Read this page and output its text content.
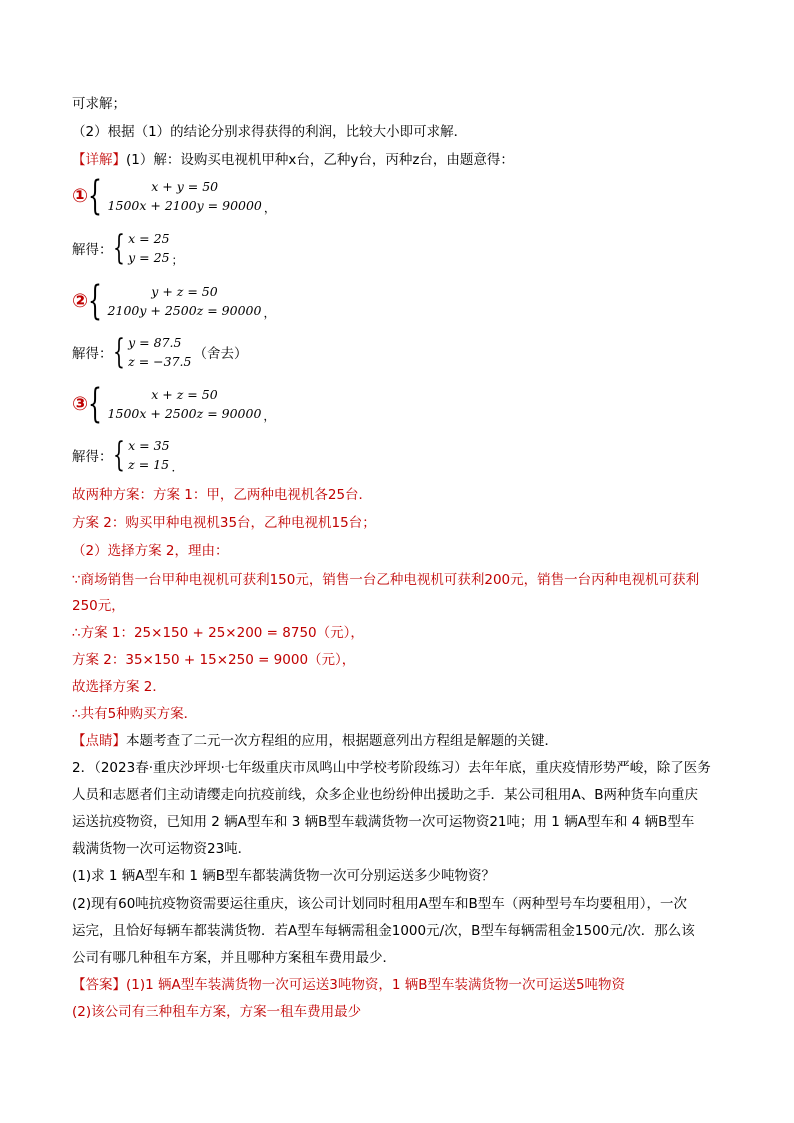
可求解；
（2）根据（1）的结论分别求得获得的利润，比较大小即可求解．
【详解】(1）解：设购买电视机甲种x台，乙种y台，丙种z台，由题意得：
① {	x + y = 50
1500x + 2100y = 90000 ，
解得： { x = 25
y = 25 ；
② {	y + z = 50
2100y + 2500z = 90000 ，
解得： { y = 87.5
z = −37.5 （舍去）
③ {	x + z = 50
1500x + 2500z = 90000 ，
解得： { x = 35
z = 15 ．
故两种方案：方案 1：甲，乙两种电视机各25台．
方案 2：购买甲种电视机35台，乙种电视机15台；
（2）选择方案 2，理由：
∵商场销售一台甲种电视机可获利150元，销售一台乙种电视机可获利200元，销售一台丙种电视机可获利
250元，
∴方案 1：25×150 + 25×200 = 8750（元），
方案 2：35×150 + 15×250 = 9000（元），
故选择方案 2．
∴共有5种购买方案．
【点睛】本题考查了二元一次方程组的应用，根据题意列出方程组是解题的关键．
2．（2023春·重庆沙坪坝·七年级重庆市凤鸣山中学校考阶段练习）去年年底，重庆疫情形势严峻，除了医务
人员和志愿者们主动请缨走向抗疫前线，众多企业也纷纷伸出援助之手．某公司租用A、B两种货车向重庆
运送抗疫物资，已知用 2 辆A型车和 3 辆B型车载满货物一次可运物资21吨；用 1 辆A型车和 4 辆B型车
载满货物一次可运物资23吨．
(1)求 1 辆A型车和 1 辆B型车都装满货物一次可分别运送多少吨物资？
(2)现有60吨抗疫物资需要运往重庆，该公司计划同时租用A型车和B型车（两种型号车均要租用），一次
运完，且恰好每辆车都装满货物．若A型车每辆需租金1000元/次，B型车每辆需租金1500元/次．那么该
公司有哪几种租车方案，并且哪种方案租车费用最少．
【答案】(1)1 辆A型车装满货物一次可运送3吨物资，1 辆B型车装满货物一次可运送5吨物资
(2)该公司有三种租车方案，方案一租车费用最少
